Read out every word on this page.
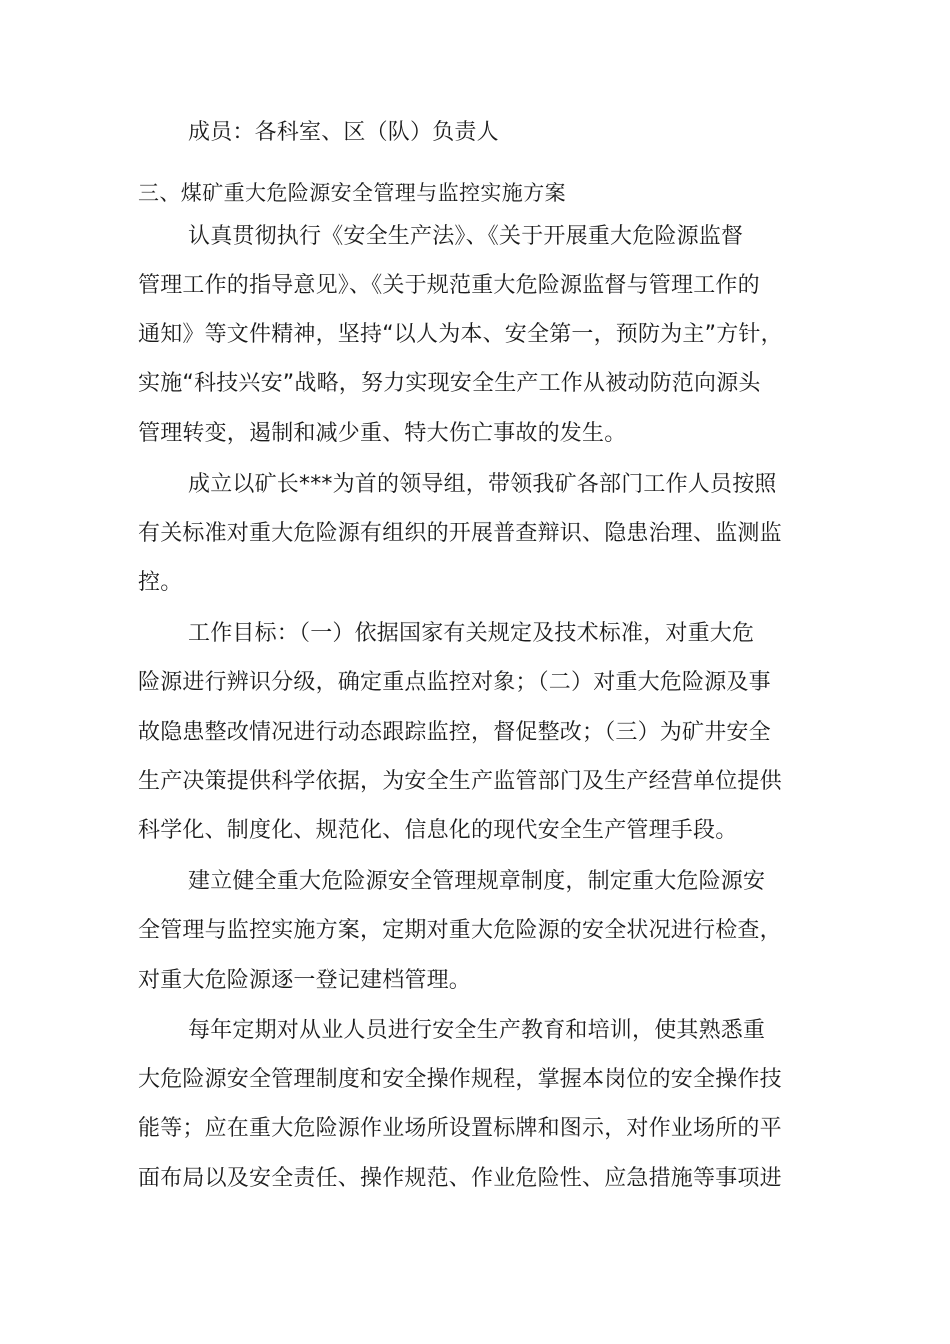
成员：各科室、区（队）负责人
三、煤矿重大危险源安全管理与监控实施方案
认真贯彻执行《安全生产法》、《关于开展重大危险源监督
管理工作的指导意见》、《关于规范重大危险源监督与管理工作的
通知》等文件精神，坚持“以人为本、安全第一，预防为主”方针，
实施“科技兴安”战略，努力实现安全生产工作从被动防范向源头
管理转变，遏制和减少重、特大伤亡事故的发生。
成立以矿长***为首的领导组，带领我矿各部门工作人员按照
有关标准对重大危险源有组织的开展普查辩识、隐患治理、监测监
控。
工作目标：（一）依据国家有关规定及技术标准，对重大危
险源进行辨识分级，确定重点监控对象；（二）对重大危险源及事
故隐患整改情况进行动态跟踪监控，督促整改；（三）为矿井安全
生产决策提供科学依据，为安全生产监管部门及生产经营单位提供
科学化、制度化、规范化、信息化的现代安全生产管理手段。
建立健全重大危险源安全管理规章制度，制定重大危险源安
全管理与监控实施方案，定期对重大危险源的安全状况进行检查，
对重大危险源逐一登记建档管理。
每年定期对从业人员进行安全生产教育和培训，使其熟悉重
大危险源安全管理制度和安全操作规程，掌握本岗位的安全操作技
能等；应在重大危险源作业场所设置标牌和图示，对作业场所的平
面布局以及安全责任、操作规范、作业危险性、应急措施等事项进
